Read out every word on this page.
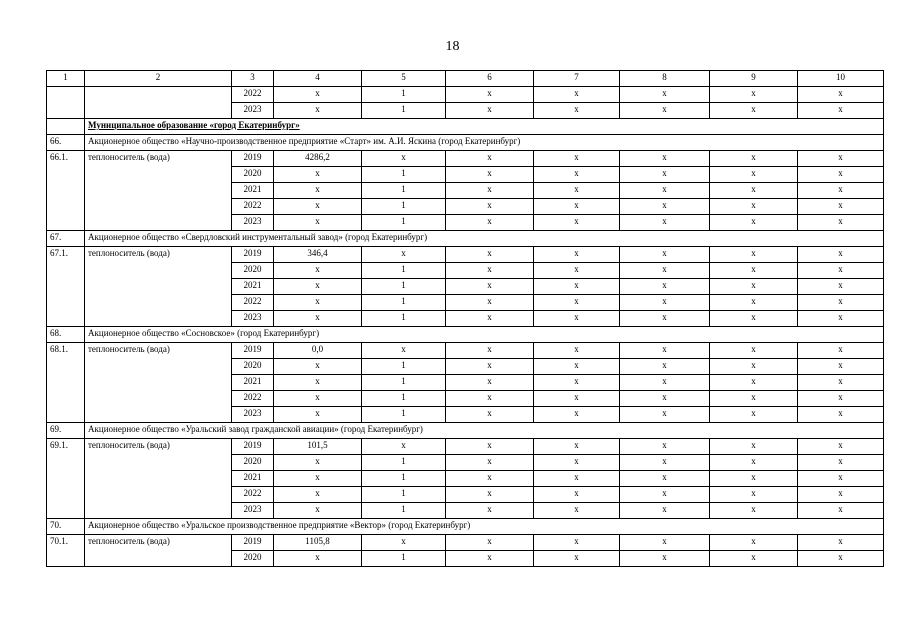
18
1	2	3	4	5	6	7	8	9	10
		2022	x	1	x	x	x	x	x
		2023	x	1	x	x	x	x	x
	Муниципальное образование «город Екатеринбург»								
66.	Акционерное общество «Научно-производственное предприятие «Старт» им. А.И. Яскина (город Екатеринбург)								
66.1.	теплоноситель (вода)	2019	4286,2	x	x	x	x	x	x
		2020	x	1	x	x	x	x	x
		2021	x	1	x	x	x	x	x
		2022	x	1	x	x	x	x	x
		2023	x	1	x	x	x	x	x
67.	Акционерное общество «Свердловский инструментальный завод» (город Екатеринбург)								
67.1.	теплоноситель (вода)	2019	346,4	x	x	x	x	x	x
		2020	x	1	x	x	x	x	x
		2021	x	1	x	x	x	x	x
		2022	x	1	x	x	x	x	x
		2023	x	1	x	x	x	x	x
68.	Акционерное общество «Сосновское» (город Екатеринбург)								
68.1.	теплоноситель (вода)	2019	0,0	x	x	x	x	x	x
		2020	x	1	x	x	x	x	x
		2021	x	1	x	x	x	x	x
		2022	x	1	x	x	x	x	x
		2023	x	1	x	x	x	x	x
69.	Акционерное общество «Уральский завод гражданской авиации» (город Екатеринбург)								
69.1.	теплоноситель (вода)	2019	101,5	x	x	x	x	x	x
		2020	x	1	x	x	x	x	x
		2021	x	1	x	x	x	x	x
		2022	x	1	x	x	x	x	x
		2023	x	1	x	x	x	x	x
70.	Акционерное общество «Уральское производственное предприятие «Вектор» (город Екатеринбург)								
70.1.	теплоноситель (вода)	2019	1105,8	x	x	x	x	x	x
		2020	x	1	x	x	x	x	x
